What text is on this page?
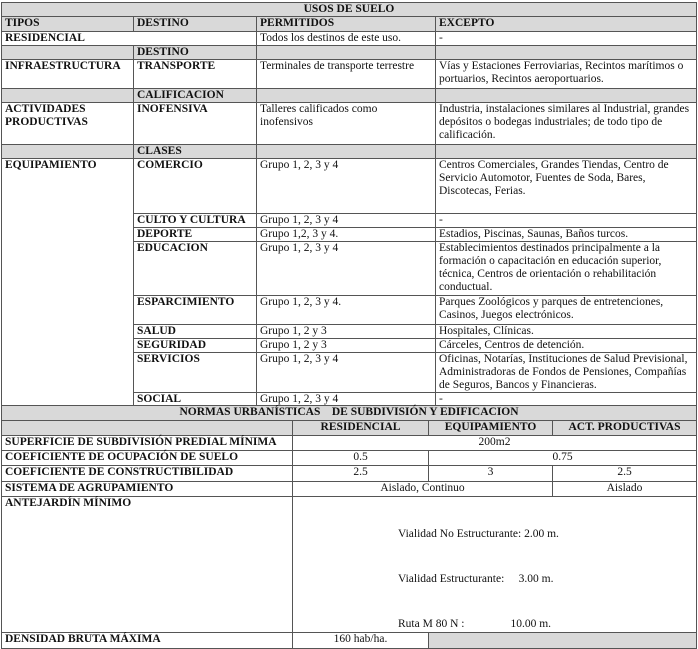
USOS DE SUELO			
TIPOS	DESTINO	PERMITIDOS	EXCEPTO
RESIDENCIAL		Todos los destinos de este uso.	-
	DESTINO		
INFRAESTRUCTURA	TRANSPORTE	Terminales de transporte terrestre	Vías y Estaciones Ferroviarias, Recintos marítimos o portuarios, Recintos aeroportuarios.
	CALIFICACION		
ACTIVIDADES PRODUCTIVAS	INOFENSIVA	Talleres calificados como inofensivos	Industria, instalaciones similares al Industrial, grandes depósitos o bodegas industriales; de todo tipo de calificación.
	CLASES		
EQUIPAMIENTO	COMERCIO	Grupo 1, 2, 3 y 4	Centros Comerciales, Grandes Tiendas, Centro de Servicio Automotor, Fuentes de Soda, Bares, Discotecas, Ferias.
	CULTO Y CULTURA	Grupo 1, 2, 3 y 4	-
	DEPORTE	Grupo 1,2, 3 y 4.	Estadios, Piscinas, Saunas, Baños turcos.
	EDUCACION	Grupo 1, 2, 3 y 4	Establecimientos destinados principalmente a la formación o capacitación en educación superior, técnica, Centros de orientación o rehabilitación conductual.
	ESPARCIMIENTO	Grupo 1, 2, 3 y 4.	Parques Zoológicos y parques de entretenciones, Casinos, Juegos electrónicos.
	SALUD	Grupo 1, 2 y 3	Hospitales, Clínicas.
	SEGURIDAD	Grupo 1, 2 y 3	Cárceles, Centros de detención.
	SERVICIOS	Grupo 1, 2, 3 y 4	Oficinas, Notarías, Instituciones de Salud Previsional, Administradoras de Fondos de Pensiones, Compañías de Seguros, Bancos y Financieras.
	SOCIAL	Grupo 1, 2, 3 y 4	-
NORMAS URBANÍSTICAS    DE SUBDIVISIÓN Y EDIFICACION			
	RESIDENCIAL	EQUIPAMIENTO	ACT. PRODUCTIVAS
SUPERFICIE DE SUBDIVISIÓN PREDIAL MÍNIMA	200m2		
COEFICIENTE DE OCUPACIÓN DE SUELO	0.5	0.75	
COEFICIENTE DE CONSTRUCTIBILIDAD	2.5	3	2.5
SISTEMA DE AGRUPAMIENTO	Aislado, Continuo		Aislado
ANTEJARDÍN MÍNIMO	Vialidad No Estructurante: 2.00 m.

Vialidad Estructurante:     3.00 m.

Ruta M 80 N :                10.00 m.		

DENSIDAD BRUTA MÁXIMA	160 hab/ha.		
